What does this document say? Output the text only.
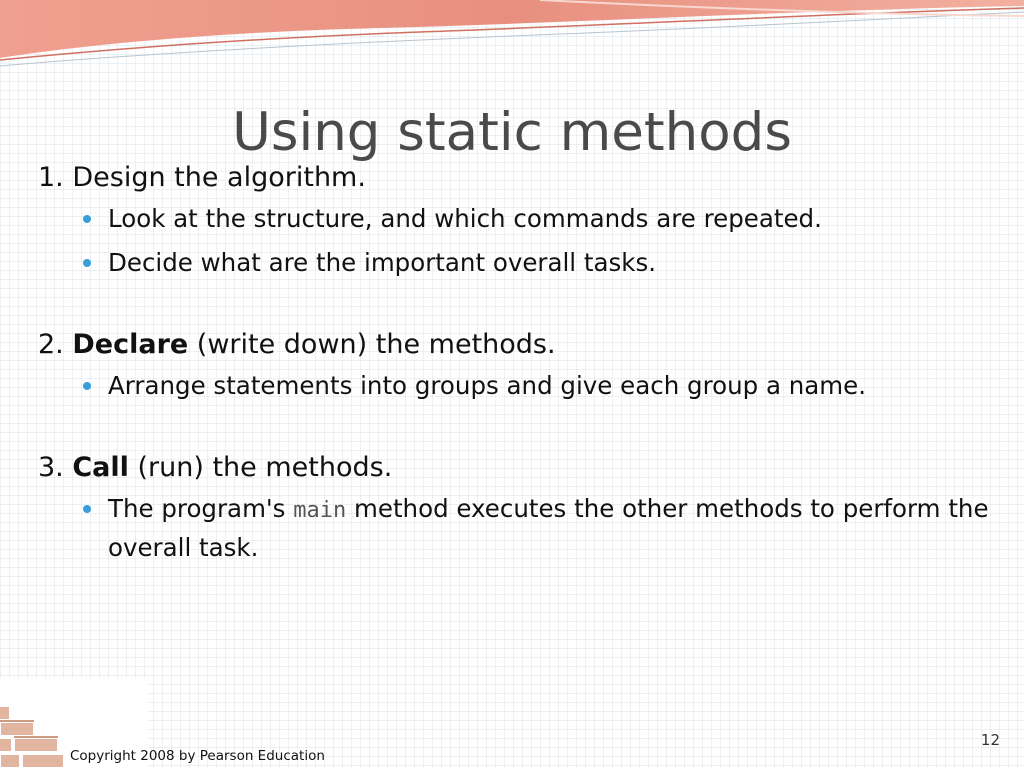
Using static methods
1. Design the algorithm.
Look at the structure, and which commands are repeated.
Decide what are the important overall tasks.
2. Declare (write down) the methods.
Arrange statements into groups and give each group a name.
3. Call (run) the methods.
The program's main method executes the other methods to perform the overall task.
Copyright 2008 by Pearson Education
12
